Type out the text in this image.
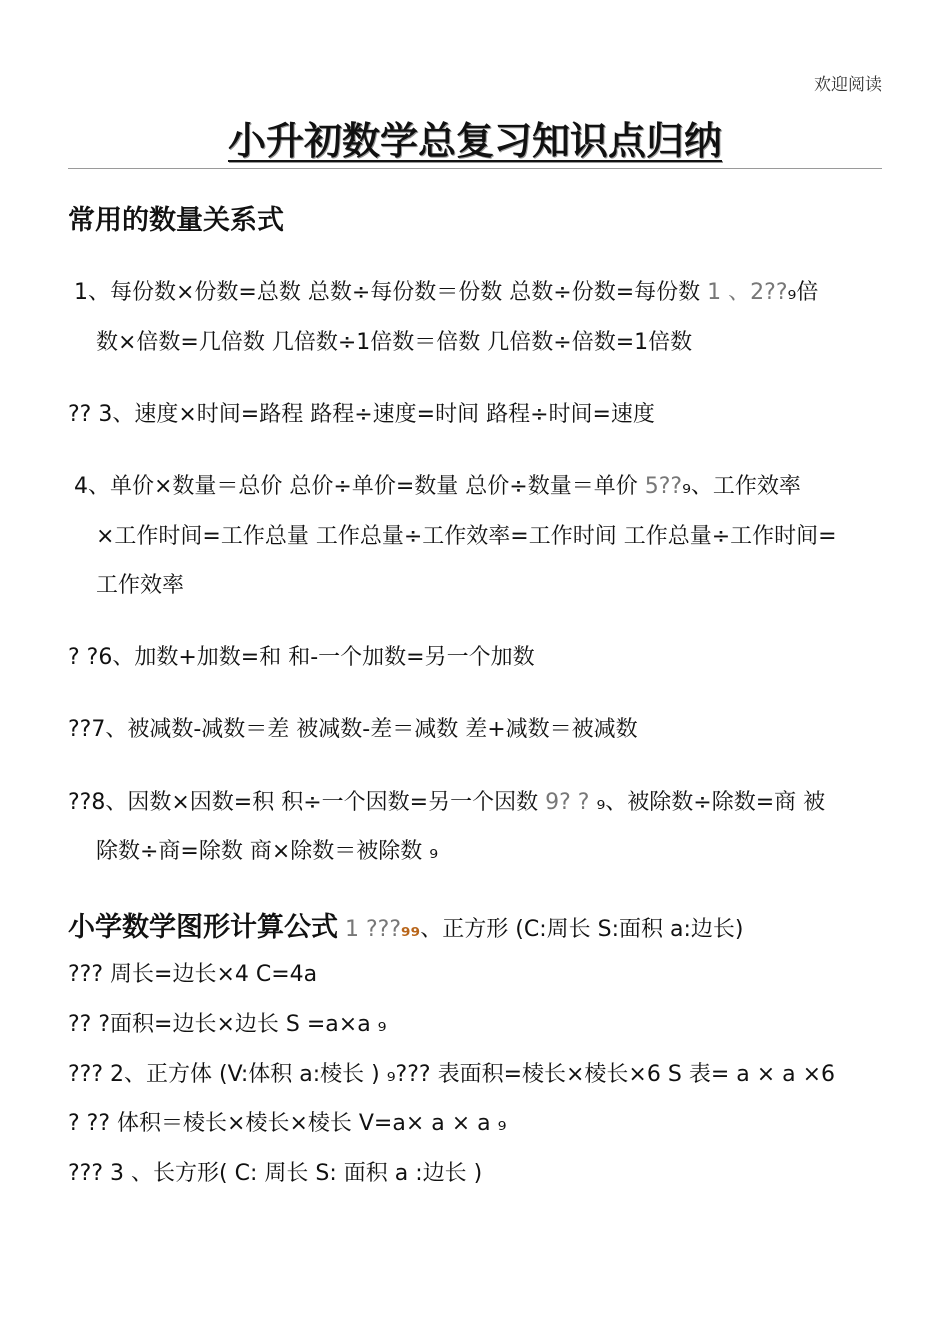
欢迎阅读
小升初数学总复习知识点归纳
常用的数量关系式
1、每份数×份数=总数 总数÷每份数＝份数 总数÷份数=每份数 1 、2??₉倍
数×倍数=几倍数 几倍数÷1倍数＝倍数 几倍数÷倍数=1倍数
?? 3、速度×时间=路程 路程÷速度=时间 路程÷时间=速度
4、单价×数量＝总价 总价÷单价=数量 总价÷数量＝单价 5??₉、工作效率
×工作时间=工作总量 工作总量÷工作效率=工作时间 工作总量÷工作时间=
工作效率
? ?6、加数+加数=和 和-一个加数=另一个加数
??7、被减数-减数＝差 被减数-差＝减数 差+减数＝被减数
??8、因数×因数=积 积÷一个因数=另一个因数 9? ? ₉、被除数÷除数=商 被
除数÷商=除数 商×除数＝被除数 ₉
小学数学图形计算公式 1 ???₉₉、正方形 (C:周长 S:面积 a:边长)
??? 周长=边长×4 C=4a
?? ?面积=边长×边长 S =a×a ₉
??? 2、正方体 (V:体积 a:棱长 ) ₉??? 表面积=棱长×棱长×6 S 表= a × a ×6
? ?? 体积＝棱长×棱长×棱长 V=a× a × a ₉
??? 3 、长方形( C: 周长 S: 面积 a :边长 )
